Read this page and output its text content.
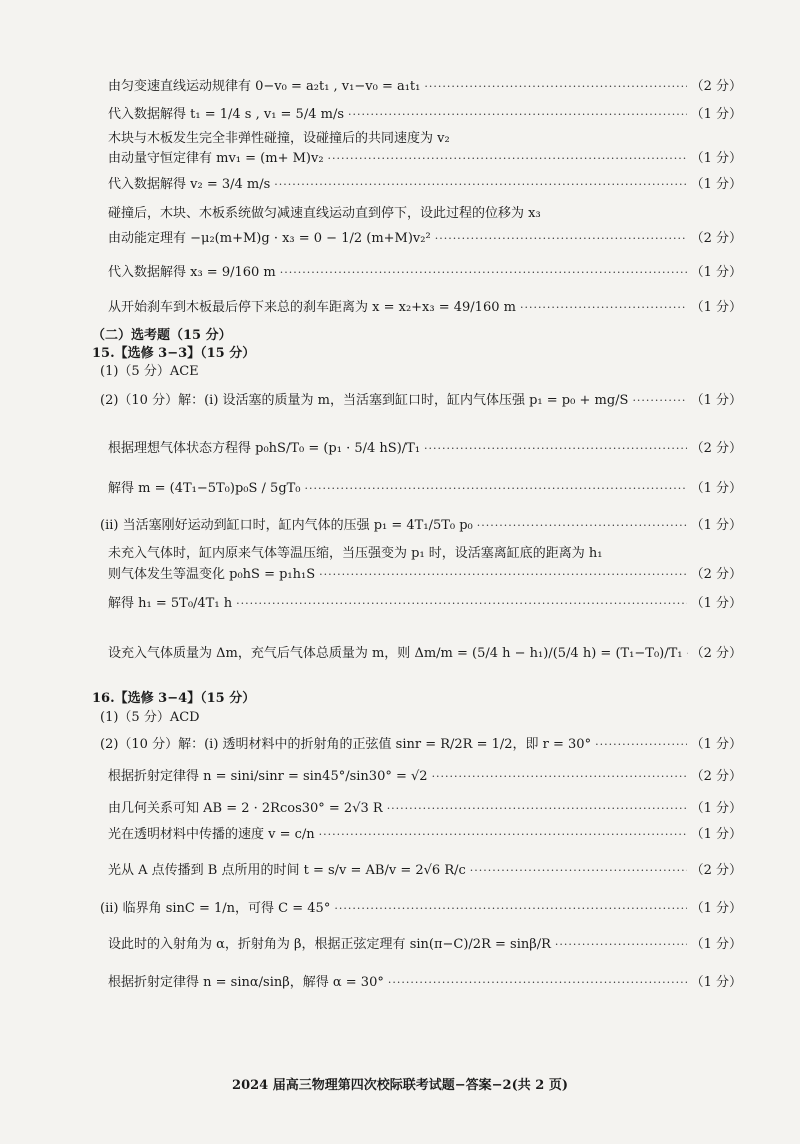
由匀变速直线运动规律有 0−v₀ = a₂t₁ , v₁−v₀ = a₁t₁ ·····	（2 分）
代入数据解得 t₁ = 1/4 s , v₁ = 5/4 m/s ·····	（1 分）
木块与木板发生完全非弹性碰撞，设碰撞后的共同速度为 v₂
由动量守恒定律有 mv₁ = (m+ M)v₂ ·····	（1 分）
代入数据解得 v₂ = 3/4 m/s ·····	（1 分）
碰撞后，木块、木板系统做匀减速直线运动直到停下，设此过程的位移为 x₃
由动能定理有 −μ₂(m+M)g · x₃ = 0 − 1/2 (m+M)v₂² ·····	（2 分）
代入数据解得 x₃ = 9/160 m ·····	（1 分）
从开始刹车到木板最后停下来总的刹车距离为 x = x₂+x₃ = 49/160 m ·····	（1 分）
（二）选考题（15 分）
15.【选修 3−3】（15 分）
(1)（5 分）ACE
(2)（10 分）解：(i) 设活塞的质量为 m，当活塞到缸口时，缸内气体压强 p₁ = p₀ + mg/S ·····	（1 分）
根据理想气体状态方程得 p₀hS/T₀ = (p₁ · 5/4 hS)/T₁ ·····	（2 分）
解得 m = (4T₁−5T₀)p₀S / 5gT₀ ·····	（1 分）
(ii) 当活塞刚好运动到缸口时，缸内气体的压强 p₁ = 4T₁/5T₀ p₀ ·····	（1 分）
未充入气体时，缸内原来气体等温压缩，当压强变为 p₁ 时，设活塞离缸底的距离为 h₁
则气体发生等温变化 p₀hS = p₁h₁S ·····	（2 分）
解得 h₁ = 5T₀/4T₁ h ·····	（1 分）
设充入气体质量为 Δm，充气后气体总质量为 m，则 Δm/m = (5/4 h − h₁)/(5/4 h) = (T₁−T₀)/T₁ ····· （2 分）
16.【选修 3−4】（15 分）
(1)（5 分）ACD
(2)（10 分）解：(i) 透明材料中的折射角的正弦值 sinr = R/2R = 1/2，即 r = 30° ·····	（1 分）
根据折射定律得 n = sini/sinr = sin45°/sin30° = √2 ·····	（2 分）
由几何关系可知 AB = 2 · 2Rcos30° = 2√3 R ·····	（1 分）
光在透明材料中传播的速度 v = c/n ·····	（1 分）
光从 A 点传播到 B 点所用的时间 t = s/v = AB/v = 2√6 R/c ·····	（2 分）
(ii) 临界角 sinC = 1/n，可得 C = 45° ·····	（1 分）
设此时的入射角为 α，折射角为 β，根据正弦定理有 sin(π−C)/2R = sinβ/R ·····	（1 分）
根据折射定律得 n = sinα/sinβ，解得 α = 30° ·····	（1 分）
2024 届高三物理第四次校际联考试题−答案−2(共 2 页)
